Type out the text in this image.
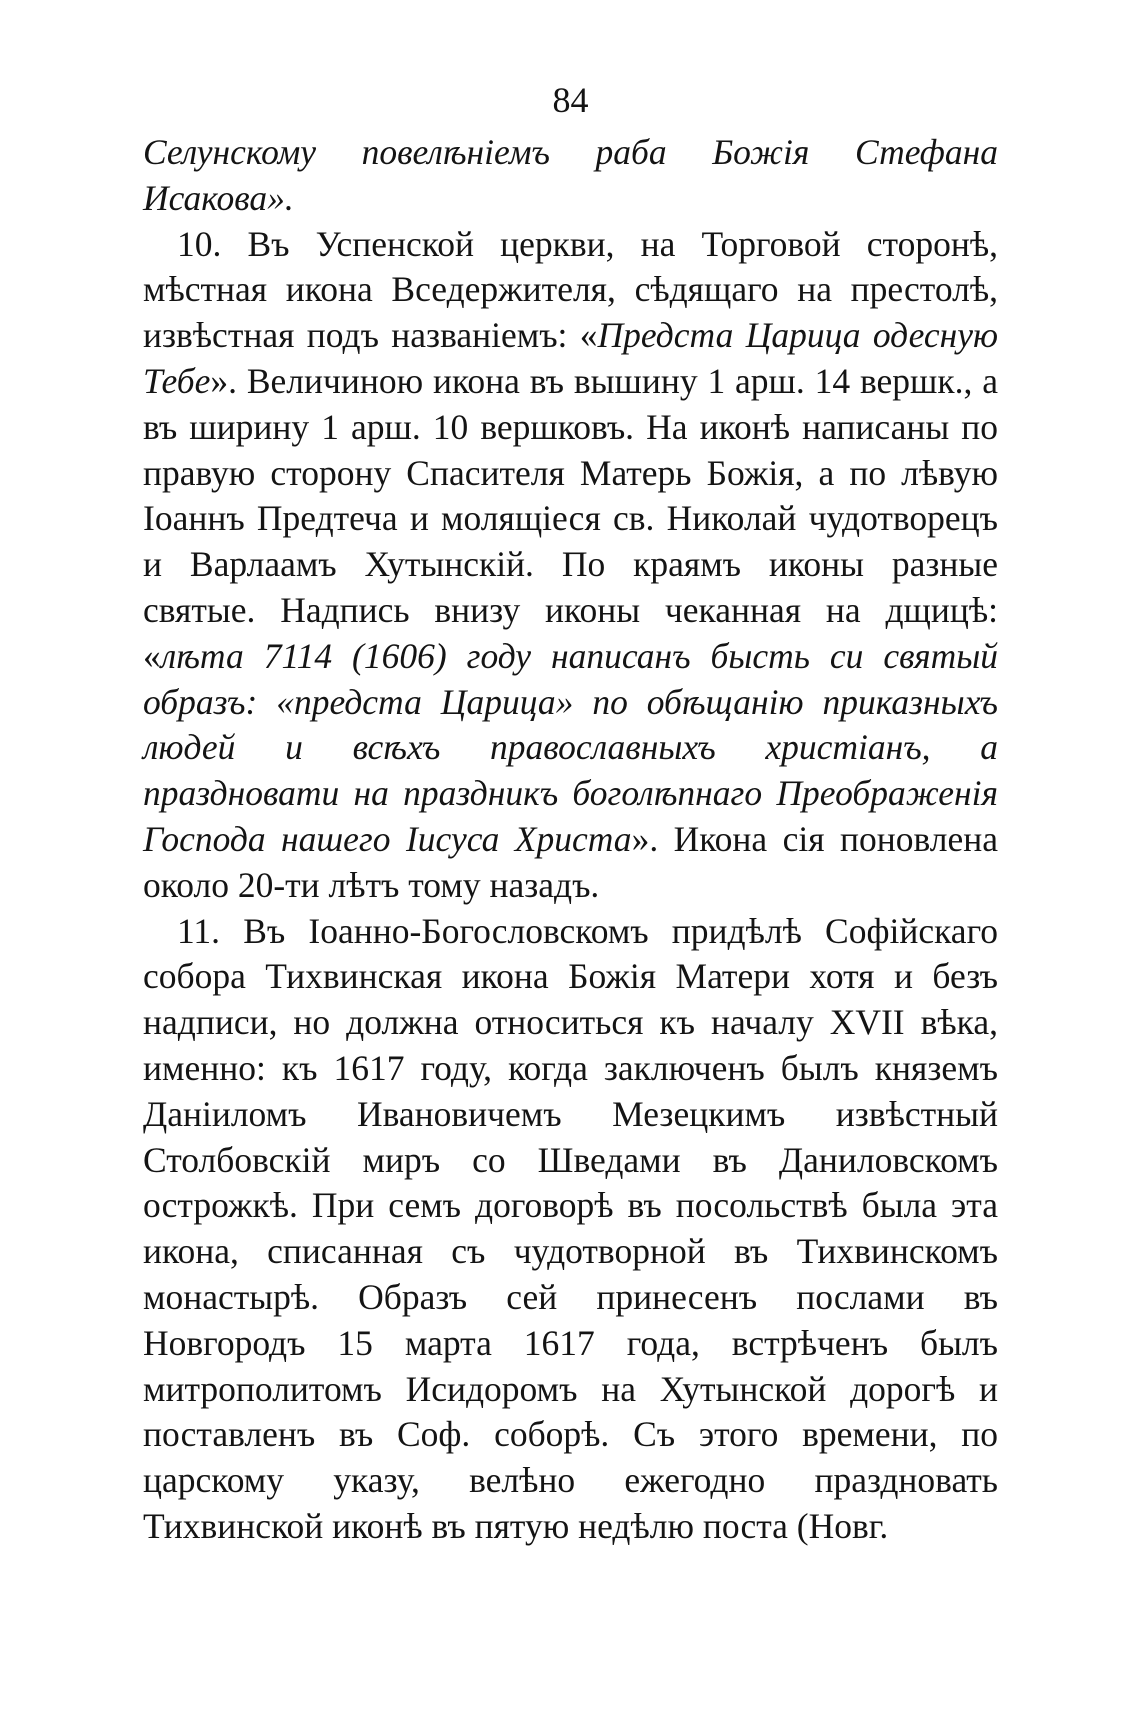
84

Селунскому повелѣніемъ раба Божія Стефана Исакова».

10. Въ Успенской церкви, на Торговой сторонѣ, мѣстная икона Вседержителя, сѣдящаго на престолѣ, извѣстная подъ названіемъ: «Предста Царица одесную Тебе». Величиною икона въ вышину 1 арш. 14 вершк., а въ ширину 1 арш. 10 вершковъ. На иконѣ написаны по правую сторону Спасителя Матерь Божія, а по лѣвую Іоаннъ Предтеча и молящіеся св. Николай чудотворецъ и Варлаамъ Хутынскій. По краямъ иконы разные святые. Надпись внизу иконы чеканная на дщицѣ: «лѣта 7114 (1606) году написанъ бысть си святый образъ: «предста Царица» по обѣщанію приказныхъ людей и всѣхъ православныхъ христіанъ, а праздновати на праздникъ боголѣпнаго Преображенія Господа нашего Іисуса Христа». Икона сія поновлена около 20-ти лѣтъ тому назадъ.

11. Въ Іоанно-Богословскомъ придѣлѣ Софійскаго собора Тихвинская икона Божія Матери хотя и безъ надписи, но должна относиться къ началу XVII вѣка, именно: къ 1617 году, когда заключенъ былъ княземъ Даніиломъ Ивановичемъ Мезецкимъ извѣстный Столбовскій миръ со Шведами въ Даниловскомъ острожкѣ. При семъ договорѣ въ посольствѣ была эта икона, списанная съ чудотворной въ Тихвинскомъ монастырѣ. Образъ сей принесенъ послами въ Новгородъ 15 марта 1617 года, встрѣченъ былъ митрополитомъ Исидоромъ на Хутынской дорогѣ и поставленъ въ Соф. соборѣ. Съ этого времени, по царскому указу, велѣно ежегодно праздновать Тихвинской иконѣ въ пятую недѣлю поста (Новг.
